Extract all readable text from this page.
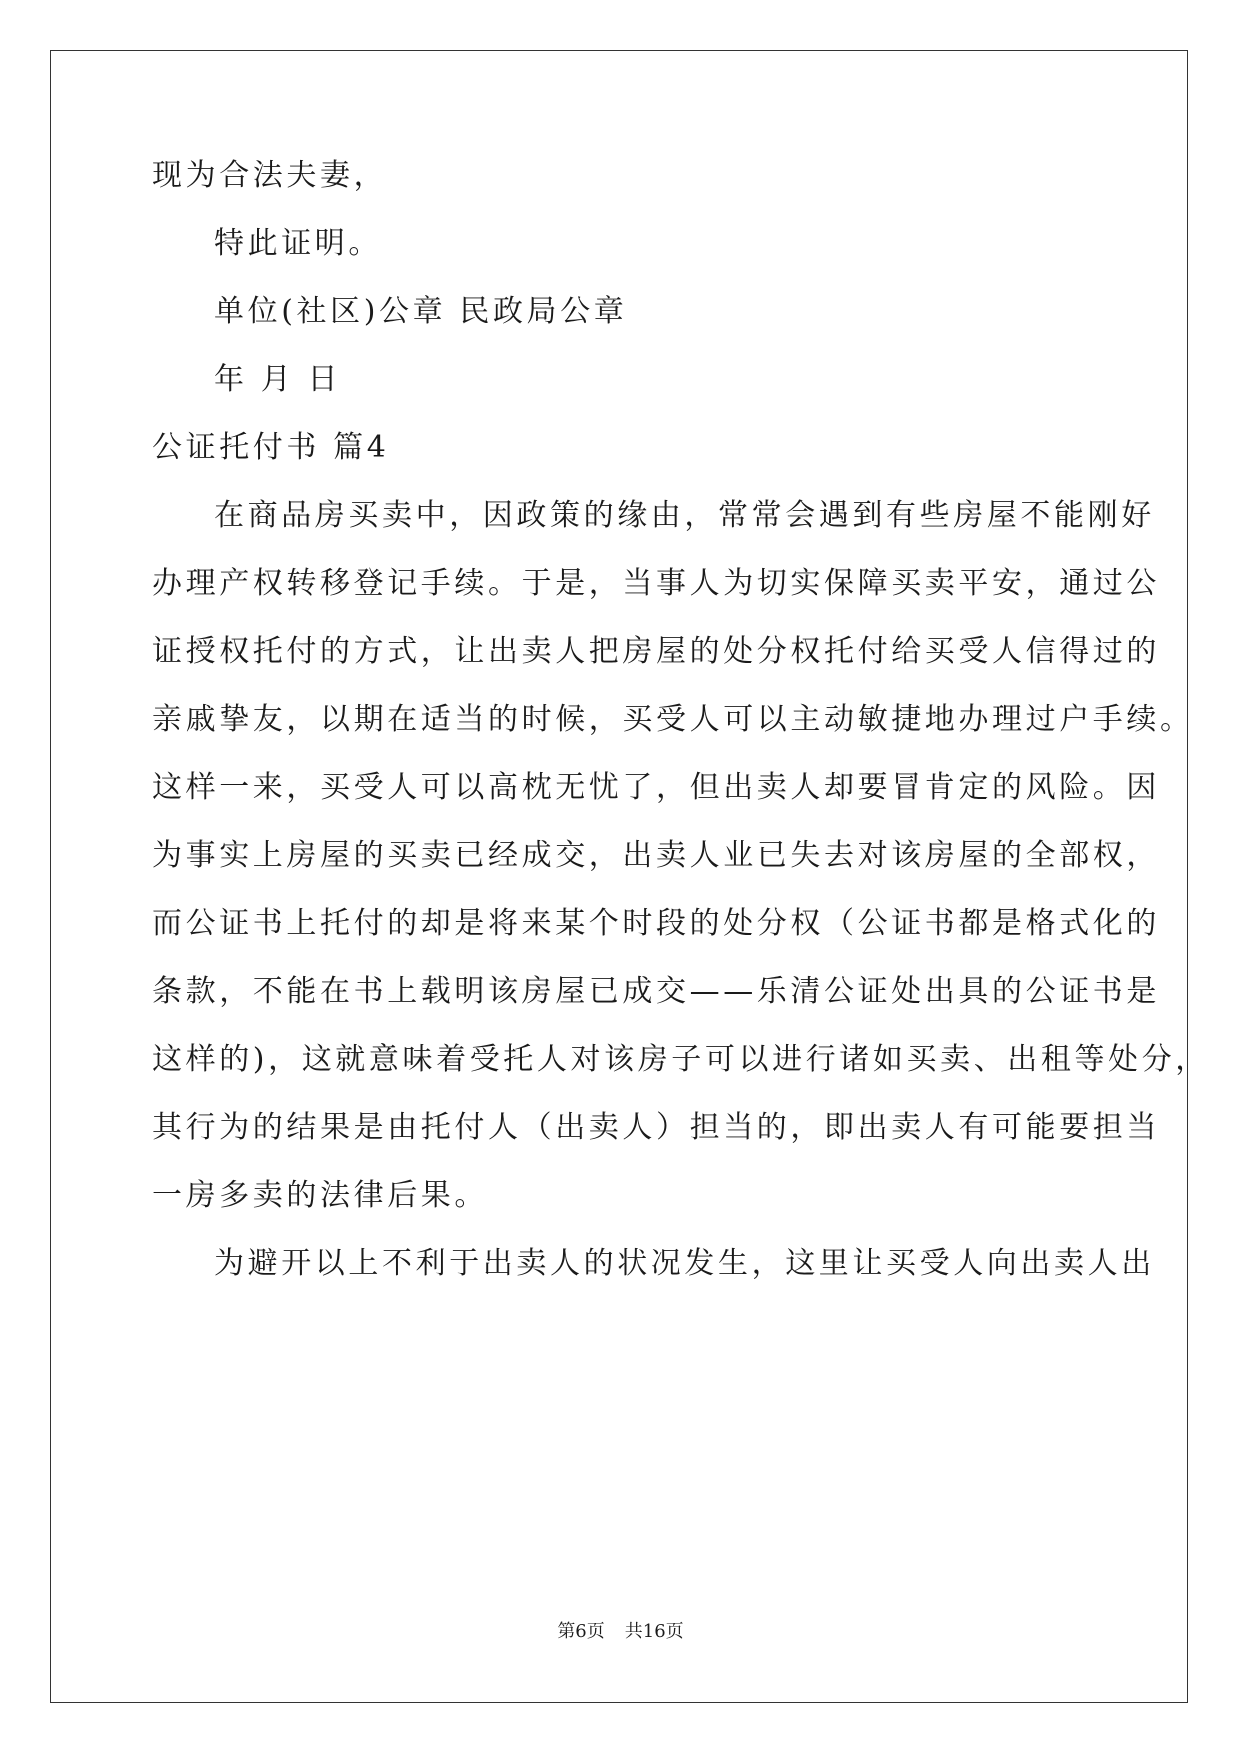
现为合法夫妻，
特此证明。
单位(社区)公章 民政局公章
年 月 日
公证托付书 篇4
在商品房买卖中，因政策的缘由，常常会遇到有些房屋不能刚好
办理产权转移登记手续。于是，当事人为切实保障买卖平安，通过公
证授权托付的方式，让出卖人把房屋的处分权托付给买受人信得过的
亲戚挚友，以期在适当的时候，买受人可以主动敏捷地办理过户手续。
这样一来，买受人可以高枕无忧了，但出卖人却要冒肯定的风险。因
为事实上房屋的买卖已经成交，出卖人业已失去对该房屋的全部权，
而公证书上托付的却是将来某个时段的处分权（公证书都是格式化的
条款，不能在书上载明该房屋已成交——乐清公证处出具的公证书是
这样的)，这就意味着受托人对该房子可以进行诸如买卖、出租等处分，
其行为的结果是由托付人（出卖人）担当的，即出卖人有可能要担当
一房多卖的法律后果。
为避开以上不利于出卖人的状况发生，这里让买受人向出卖人出
第6页 共16页
